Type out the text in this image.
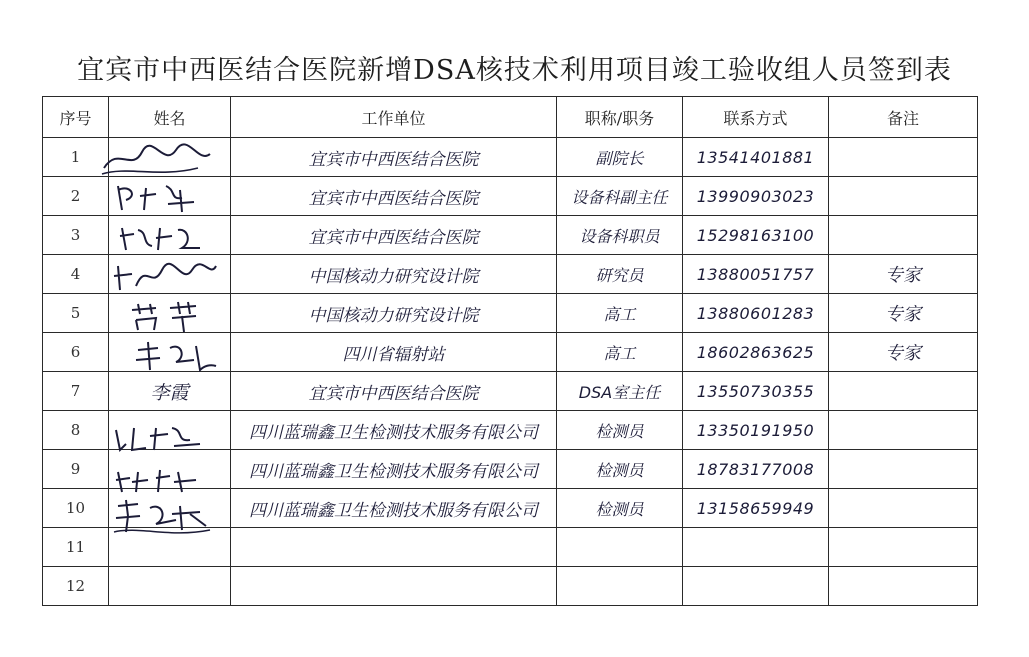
宜宾市中西医结合医院新增DSA核技术利用项目竣工验收组人员签到表
序号	姓名	工作单位	职称/职务	联系方式	备注
1		宜宾市中西医结合医院	副院长	13541401881	
2		宜宾市中西医结合医院	设备科副主任	13990903023	
3		宜宾市中西医结合医院	设备科职员	15298163100	
4		中国核动力研究设计院	研究员	13880051757	专家
5		中国核动力研究设计院	高工	13880601283	专家
6		四川省辐射站	高工	18602863625	专家
7	李霞	宜宾市中西医结合医院	DSA室主任	13550730355	
8		四川蓝瑞鑫卫生检测技术服务有限公司	检测员	13350191950	
9		四川蓝瑞鑫卫生检测技术服务有限公司	检测员	18783177008	
10		四川蓝瑞鑫卫生检测技术服务有限公司	检测员	13158659949	
11					
12					
